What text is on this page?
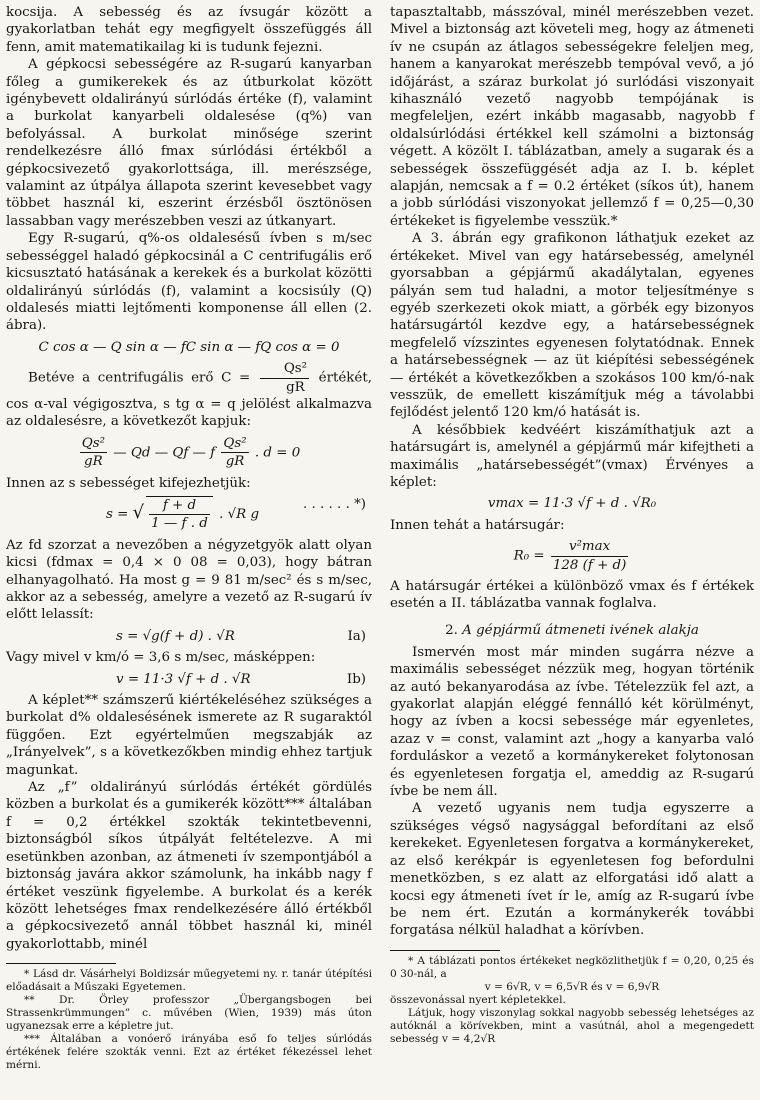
kocsija. A sebesség és az ívsugár között a gyakorlatban tehát egy megfigyelt összefüggés áll fenn, amit matematikailag ki is tudunk fejezni.

A gépkocsi sebességére az R-sugarú kanyarban főleg a gumikerekek és az útburkolat között igénybevett oldalirányú súrlódás értéke (f), valamint a burkolat kanyarbeli oldalesése (q%) van befolyással. A burkolat minősége szerint rendelkezésre álló fmax súrlódási értékből a gépkocsivezető gyakorlottsága, ill. merészsége, valamint az útpálya állapota szerint kevesebbet vagy többet használ ki, eszerint érzésből ösztönösen lassabban vagy merészebben veszi az útkanyart.

Egy R-sugarú, q%-os oldalesésű ívben s m/sec sebességgel haladó gépkocsinál a C centrifugális erő kicsusztató hatásának a kerekek és a burkolat közötti oldalirányú súrlódás (f), valamint a kocsisúly (Q) oldalesés miatti lejtőmenti komponense áll ellen (2. ábra).

C cos α — Q sin α — fC sin α — fQ cos α = 0

Betéve a centrifugális erő $C = \frac{\text{Qs²}}{gR}$ értékét, cos α-val végigosztva, s tg α = q jelölést alkalmazva az oldalesésre, a következőt kapjuk:

$\frac{\text{Qs²}}{gR}$ — Qd — Qf — f $\frac{\text{Qs²}}{gR}$ . d = 0

Innen az s sebességet kifejezhetjük:

s = √ $\frac{f + d}{1 — f . d}$ . √R g
. . . . . . *)

Az fd szorzat a nevezőben a négyzetgyök alatt olyan kicsi (fdmax = 0,4 × 0 08 = 0,03), hogy bátran elhanyagolható. Ha most g = 9 81 m/sec² és s m/sec, akkor az a sebesség, amelyre a vezető az R-sugarú ív előtt lelassít:

s = √g(f + d) . √R	Ia)

Vagy mivel v km/ó = 3,6 s m/sec, másképpen:

v = 11·3 √f + d . √R	Ib)

A képlet** számszerű kiértékeléséhez szükséges a burkolat d% oldalesésének ismerete az R sugaraktól függően. Ezt egyértelműen megszabják az „Irányelvek”, s a következőkben mindig ehhez tartjuk magunkat.

Az „f” oldalirányú súrlódás értékét gördülés közben a burkolat és a gumikerék között*** általában f = 0,2 értékkel szokták tekintetbevenni, biztonságból síkos útpályát feltételezve. A mi esetünkben azonban, az átmeneti ív szempontjából a biztonság javára akkor számolunk, ha inkább nagy f értéket veszünk figyelembe. A burkolat és a kerék között lehetséges fmax rendelkezésére álló értékből a gépkocsivezető annál többet használ ki, minél gyakorlottabb, minél

* Lásd dr. Vásárhelyi Boldizsár műegyetemi ny. r. tanár útépítési előadásait a Műszaki Egyetemen.

** Dr. Örley professzor „Übergangsbogen bei Strassenkrümmungen” c. művében (Wien, 1939) más úton ugyanezsak erre a képletre jut.

*** Általában a vonóerő irányába eső fo teljes súrlódás értékének felére szokták venni. Ezt az értéket fékezéssel lehet mérni.

tapasztaltabb, másszóval, minél merészebben vezet. Mivel a biztonság azt követeli meg, hogy az átmeneti ív ne csupán az átlagos sebességekre feleljen meg, hanem a kanyarokat merészebb tempóval vevő, a jó időjárást, a száraz burkolat jó surlódási viszonyait kihasználó vezető nagyobb tempójának is megfeleljen, ezért inkább magasabb, nagyobb f oldalsúrlódási értékkel kell számolni a biztonság végett. A közölt I. táblázatban, amely a sugarak és a sebességek összefüggését adja az I. b. képlet alapján, nemcsak a f = 0.2 értéket (síkos út), hanem a jobb súrlódási viszonyokat jellemző f = 0,25—0,30 értékeket is figyelembe vesszük.*

A 3. ábrán egy grafikonon láthatjuk ezeket az értékeket. Mivel van egy határsebesség, amelynél gyorsabban a gépjármű akadálytalan, egyenes pályán sem tud haladni, a motor teljesítménye s egyéb szerkezeti okok miatt, a görbék egy bizonyos határsugártól kezdve egy, a határsebességnek megfelelő vízszintes egyenesen folytatódnak. Ennek a határsebességnek — az üt kiépítési sebességének — értékét a következőkben a szokásos 100 km/ó-nak vesszük, de emellett kiszámítjuk még a távolabbi fejlődést jelentő 120 km/ó hatását is.

A későbbiek kedvéért kiszámíthatjuk azt a határsugárt is, amelynél a gépjármű már kifejtheti a maximális „határsebességét”(vmax) Érvényes a képlet:

vmax = 11·3 √f + d . √R₀

Innen tehát a határsugár:

$R_0 = \frac{\text{v²max}}{128 (f + d)}$

A határsugár értékei a különböző vmax és f értékek esetén a II. táblázatba vannak foglalva.

2. A gépjármű átmeneti ivének alakja

Ismervén most már minden sugárra nézve a maximális sebességet nézzük meg, hogyan történik az autó bekanyarodása az ívbe. Tételezzük fel azt, a gyakorlat alapján eléggé fennálló két körülményt, hogy az ívben a kocsi sebessége már egyenletes, azaz v = const, valamint azt „hogy a kanyarba való forduláskor a vezető a kormánykereket folytonosan és egyenletesen forgatja el, ameddig az R-sugarú ívbe be nem áll.

A vezető ugyanis nem tudja egyszerre a szükséges végső nagysággal befordítani az első kerekeket. Egyenletesen forgatva a kormánykereket, az első kerékpár is egyenletesen fog befordulni menetközben, s ez alatt az elforgatási idő alatt a kocsi egy átmeneti ívet ír le, amíg az R-sugarú ívbe be nem ért. Ezután a kormánykerék további forgatása nélkül haladhat a körívben.

* A táblázati pontos értékeket negközlithetjük f = 0,20, 0,25 és 0 30-nál, a

v = 6√R, v = 6,5√R és v = 6,9√R
összevonással nyert képletekkel.

Látjuk, hogy viszonylag sokkal nagyobb sebesség lehetséges az autóknál a körívekben, mint a vasútnál, ahol a megengedett sebesség v = 4,2√R
